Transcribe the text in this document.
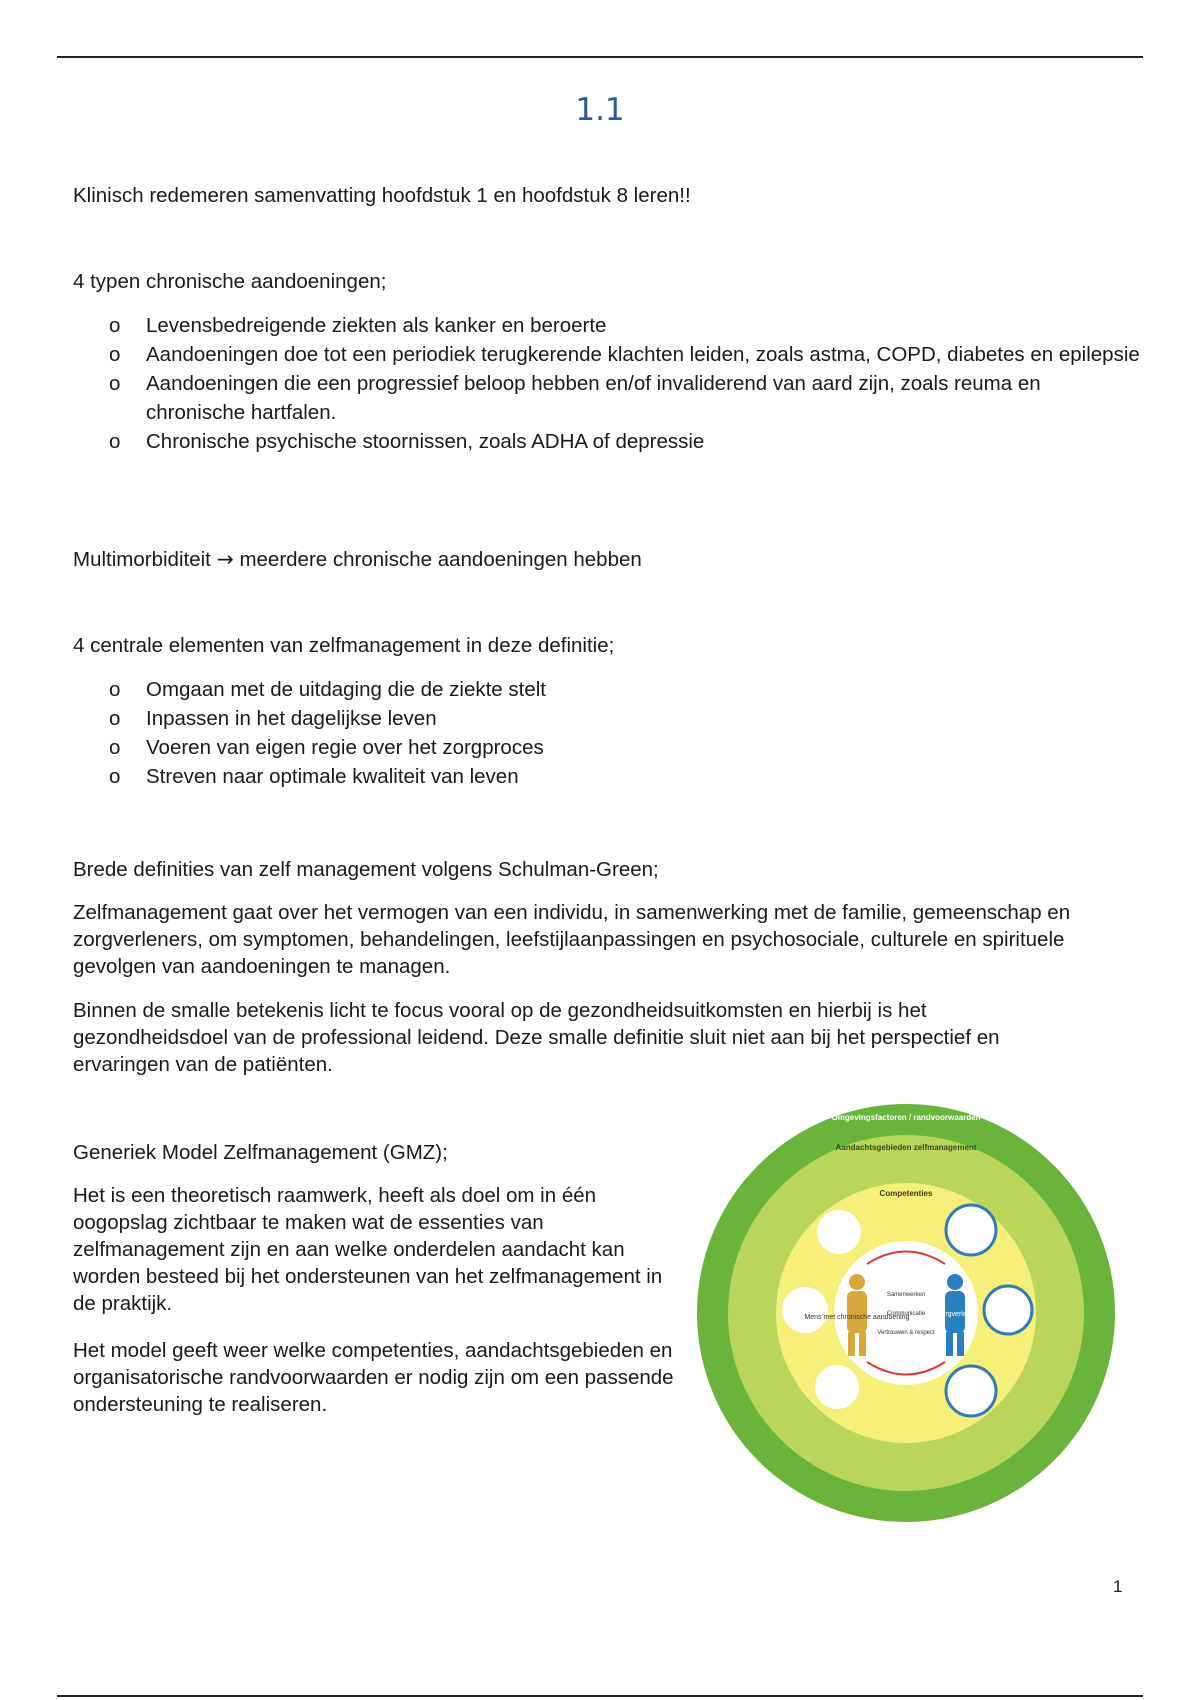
1.1

Klinisch redemeren samenvatting hoofdstuk 1 en hoofdstuk 8 leren!!

4 typen chronische aandoeningen;

o Levensbedreigende ziekten als kanker en beroerte
o Aandoeningen doe tot een periodiek terugkerende klachten leiden, zoals astma, COPD, diabetes en epilepsie
o Aandoeningen die een progressief beloop hebben en/of invaliderend van aard zijn, zoals reuma en chronische hartfalen.
o Chronische psychische stoornissen, zoals ADHA of depressie

Multimorbiditeit → meerdere chronische aandoeningen hebben

4 centrale elementen van zelfmanagement in deze definitie;

o Omgaan met de uitdaging die de ziekte stelt
o Inpassen in het dagelijkse leven
o Voeren van eigen regie over het zorgproces
o Streven naar optimale kwaliteit van leven

Brede definities van zelf management volgens Schulman-Green;

Zelfmanagement gaat over het vermogen van een individu, in samenwerking met de familie, gemeenschap en zorgverleners, om symptomen, behandelingen, leefstijlaanpassingen en psychosociale, culturele en spirituele gevolgen van aandoeningen te managen.

Binnen de smalle betekenis licht te focus vooral op de gezondheidsuitkomsten en hierbij is het gezondheidsdoel van de professional leidend. Deze smalle definitie sluit niet aan bij het perspectief en ervaringen van de patiënten.

Generiek Model Zelfmanagement (GMZ);

Het is een theoretisch raamwerk, heeft als doel om in één oogopslag zichtbaar te maken wat de essenties van zelfmanagement zijn en aan welke onderdelen aandacht kan worden besteed bij het ondersteunen van het zelfmanagement in de praktijk.

Het model geeft weer welke competenties, aandachtsgebieden en organisatorische randvoorwaarden er nodig zijn om een passende ondersteuning te realiseren.

Omgevingsfactoren / randvoorwaarden
Aandachtsgebieden zelfmanagement
Competenties
Mens met chronische aandoening	Zorgverlener
Samenwerken
Communicatie
Vertrouwen & respect
1
